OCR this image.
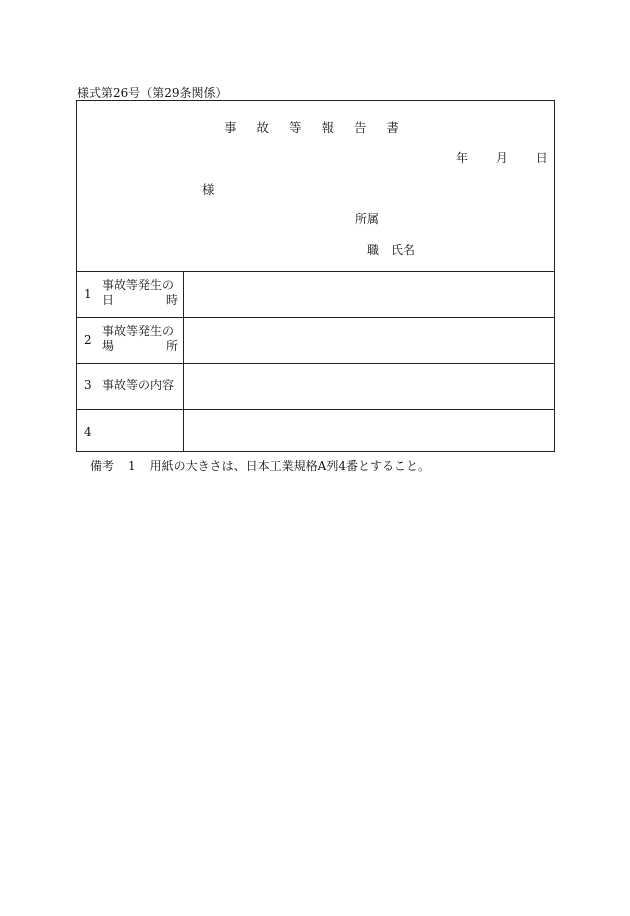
様式第26号（第29条関係）
事 故 等 報 告 書
年 月 日
様
所属
職 氏名
1
事故等発生の
日	時
2
事故等発生の
場	所
3 事故等の内容
4
備考 1 用紙の大きさは、日本工業規格A列4番とすること。
